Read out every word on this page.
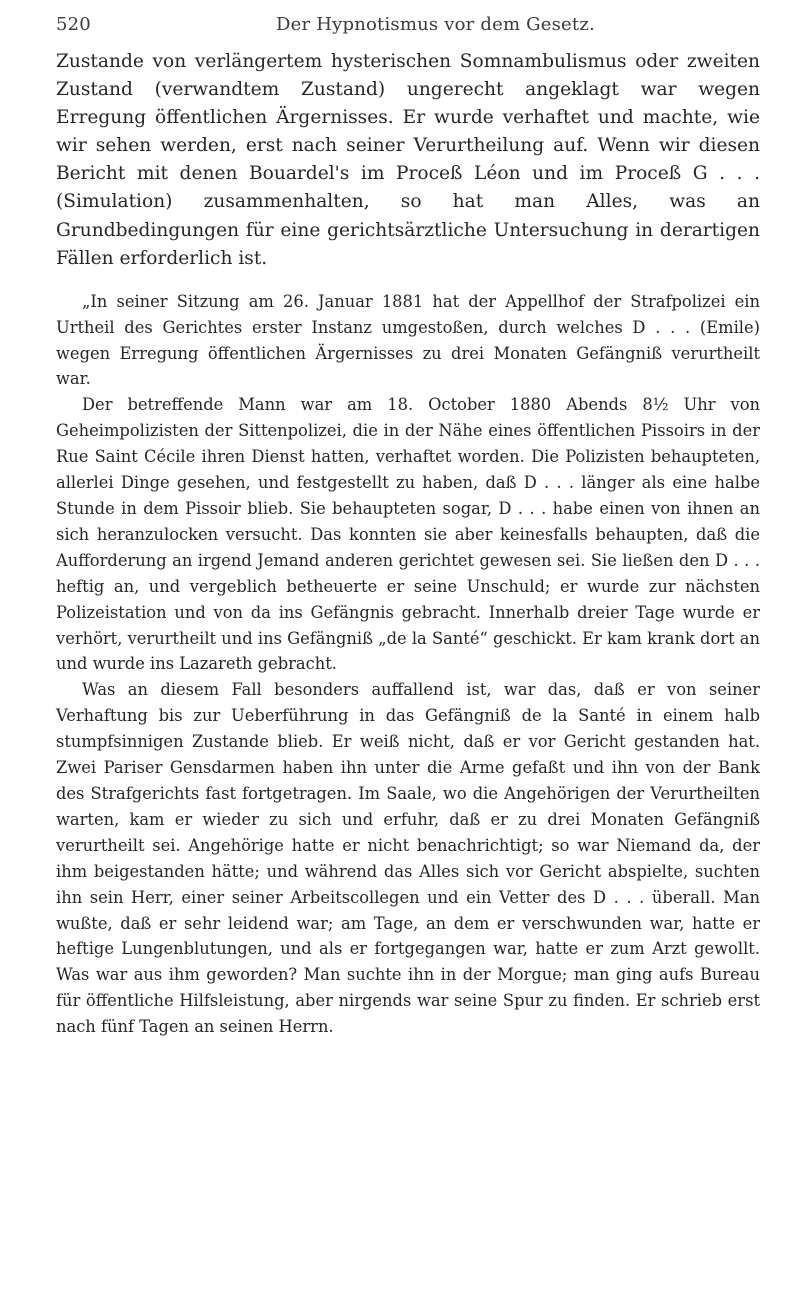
520	Der Hypnotismus vor dem Gesetz.

Zustande von verlängertem hysterischen Somnambulismus oder zweiten Zustand (verwandtem Zustand) ungerecht angeklagt war wegen Erregung öffentlichen Ärgernisses. Er wurde verhaftet und machte, wie wir sehen werden, erst nach seiner Verurtheilung auf. Wenn wir diesen Bericht mit denen Bouardel's im Proceß Léon und im Proceß G . . . (Simulation) zusammenhalten, so hat man Alles, was an Grundbedingungen für eine gerichtsärztliche Untersuchung in derartigen Fällen erforderlich ist.

„In seiner Sitzung am 26. Januar 1881 hat der Appellhof der Strafpolizei ein Urtheil des Gerichtes erster Instanz umgestoßen, durch welches D . . . (Emile) wegen Erregung öffentlichen Ärgernisses zu drei Monaten Gefängniß verurtheilt war.

Der betreffende Mann war am 18. October 1880 Abends 8½ Uhr von Geheimpolizisten der Sittenpolizei, die in der Nähe eines öffentlichen Pissoirs in der Rue Saint Cécile ihren Dienst hatten, verhaftet worden. Die Polizisten behaupteten, allerlei Dinge gesehen, und festgestellt zu haben, daß D . . . länger als eine halbe Stunde in dem Pissoir blieb. Sie behaupteten sogar, D . . . habe einen von ihnen an sich heranzulocken versucht. Das konnten sie aber keinesfalls behaupten, daß die Aufforderung an irgend Jemand anderen gerichtet gewesen sei. Sie ließen den D . . . heftig an, und vergeblich betheuerte er seine Unschuld; er wurde zur nächsten Polizeistation und von da ins Gefängnis gebracht. Innerhalb dreier Tage wurde er verhört, verurtheilt und ins Gefängniß „de la Santé“ geschickt. Er kam krank dort an und wurde ins Lazareth gebracht.

Was an diesem Fall besonders auffallend ist, war das, daß er von seiner Verhaftung bis zur Ueberführung in das Gefängniß de la Santé in einem halb stumpfsinnigen Zustande blieb. Er weiß nicht, daß er vor Gericht gestanden hat. Zwei Pariser Gensdarmen haben ihn unter die Arme gefaßt und ihn von der Bank des Strafgerichts fast fortgetragen. Im Saale, wo die Angehörigen der Verurtheilten warten, kam er wieder zu sich und erfuhr, daß er zu drei Monaten Gefängniß verurtheilt sei. Angehörige hatte er nicht benachrichtigt; so war Niemand da, der ihm beigestanden hätte; und während das Alles sich vor Gericht abspielte, suchten ihn sein Herr, einer seiner Arbeitscollegen und ein Vetter des D . . . überall. Man wußte, daß er sehr leidend war; am Tage, an dem er verschwunden war, hatte er heftige Lungenblutungen, und als er fortgegangen war, hatte er zum Arzt gewollt. Was war aus ihm geworden? Man suchte ihn in der Morgue; man ging aufs Bureau für öffentliche Hilfsleistung, aber nirgends war seine Spur zu finden. Er schrieb erst nach fünf Tagen an seinen Herrn.
